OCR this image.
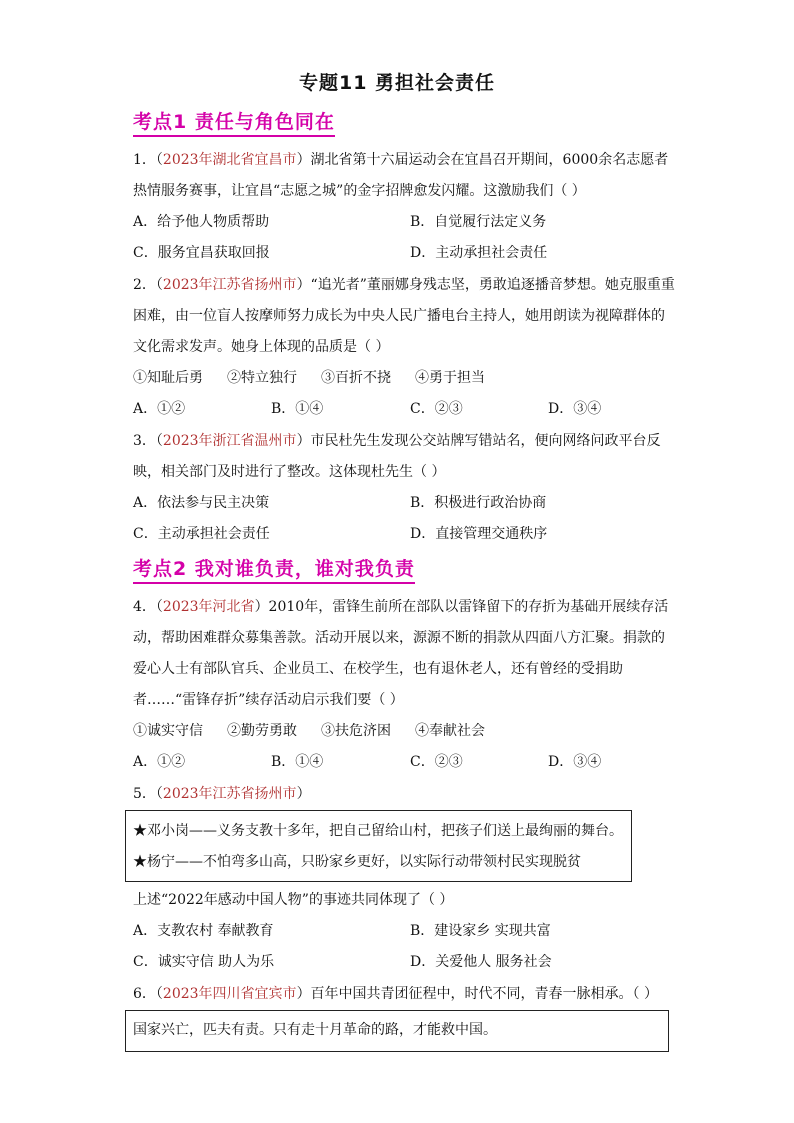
专题11 勇担社会责任
考点1 责任与角色同在
1．（2023年湖北省宜昌市）湖北省第十六届运动会在宜昌召开期间，6000余名志愿者
热情服务赛事，让宜昌“志愿之城”的金字招牌愈发闪耀。这激励我们（ ）
A．给予他人物质帮助	B．自觉履行法定义务
C．服务宜昌获取回报	D．主动承担社会责任
2．（2023年江苏省扬州市）“追光者”董丽娜身残志坚，勇敢追逐播音梦想。她克服重重
困难，由一位盲人按摩师努力成长为中央人民广播电台主持人，她用朗读为视障群体的
文化需求发声。她身上体现的品质是（ ）
①知耻后勇 ②特立独行 ③百折不挠 ④勇于担当
A．①②	B．①④	C．②③	D．③④
3．（2023年浙江省温州市）市民杜先生发现公交站牌写错站名，便向网络问政平台反
映，相关部门及时进行了整改。这体现杜先生（ ）
A．依法参与民主决策	B．积极进行政治协商
C．主动承担社会责任	D．直接管理交通秩序
考点2 我对谁负责，谁对我负责
4．（2023年河北省）2010年，雷锋生前所在部队以雷锋留下的存折为基础开展续存活
动，帮助困难群众募集善款。活动开展以来，源源不断的捐款从四面八方汇聚。捐款的
爱心人士有部队官兵、企业员工、在校学生，也有退休老人，还有曾经的受捐助
者……“雷锋存折”续存活动启示我们要（ ）
①诚实守信 ②勤劳勇敢 ③扶危济困 ④奉献社会
A．①②	B．①④	C．②③	D．③④
5．（2023年江苏省扬州市）
★邓小岗——义务支教十多年，把自己留给山村，把孩子们送上最绚丽的舞台。
★杨宁——不怕弯多山高，只盼家乡更好，以实际行动带领村民实现脱贫
上述“2022年感动中国人物”的事迹共同体现了（ ）
A．支教农村 奉献教育	B．建设家乡 实现共富
C．诚实守信 助人为乐	D．关爱他人 服务社会
6．（2023年四川省宜宾市）百年中国共青团征程中，时代不同，青春一脉相承。（ ）
国家兴亡，匹夫有责。只有走十月革命的路，才能救中国。
